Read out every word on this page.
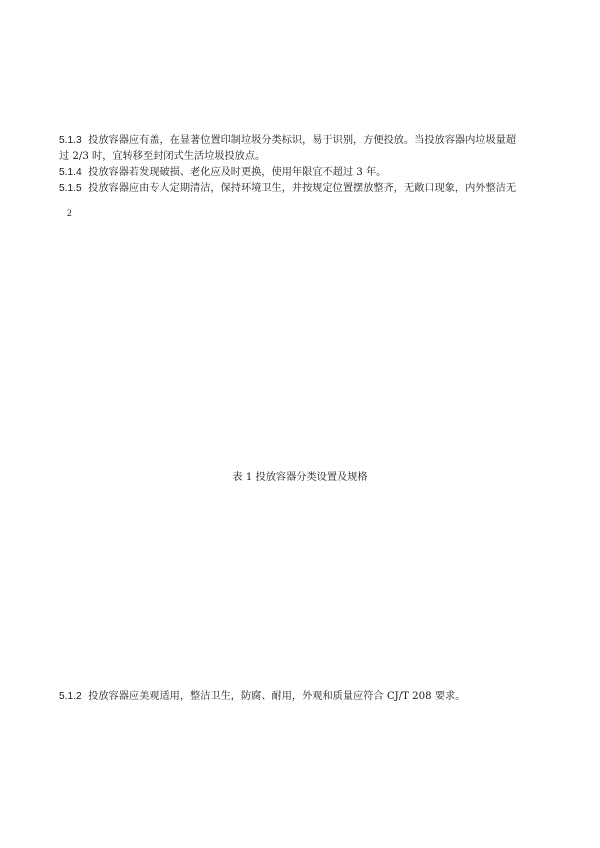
5.1.3 投放容器应有盖，在显著位置印制垃圾分类标识，易于识别，方便投放。当投放容器内垃圾量超
过 2/3 时，宜转移至封闭式生活垃圾投放点。
5.1.4 投放容器若发现破损、老化应及时更换，使用年限宜不超过 3 年。
5.1.5 投放容器应由专人定期清洁，保持环境卫生，并按规定位置摆放整齐，无敞口现象，内外整洁无
2
表 1 投放容器分类设置及规格
5.1.2 投放容器应美观适用，整洁卫生，防腐、耐用，外观和质量应符合 CJ/T 208 要求。
